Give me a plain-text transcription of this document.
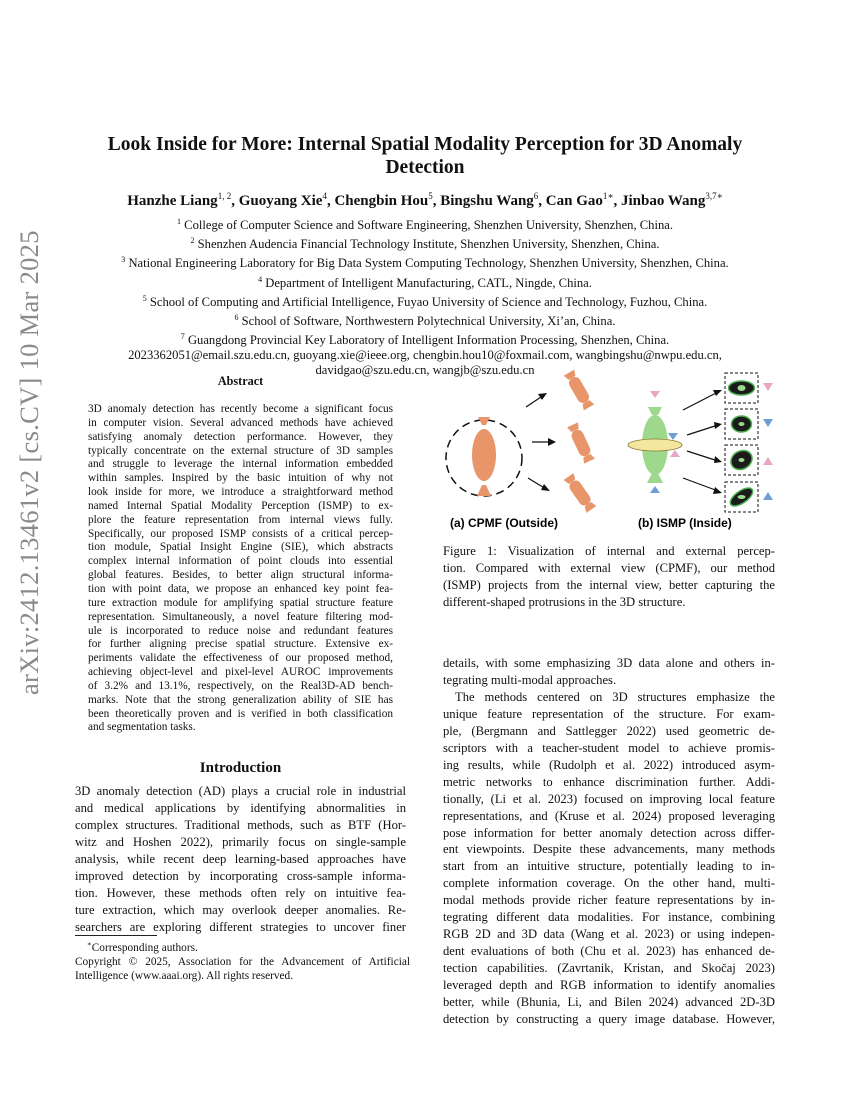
arXiv:2412.13461v2 [cs.CV] 10 Mar 2025
Look Inside for More: Internal Spatial Modality Perception for 3D Anomaly
Detection
Hanzhe Liang$^{1, 2}$, Guoyang Xie$^4$, Chengbin Hou$^5$, Bingshu Wang$^6$, Can Gao$^{1∗}$, Jinbao Wang$^{3,7∗}$
$^1$ College of Computer Science and Software Engineering, Shenzhen University, Shenzhen, China.
$^2$ Shenzhen Audencia Financial Technology Institute, Shenzhen University, Shenzhen, China.
$^3$ National Engineering Laboratory for Big Data System Computing Technology, Shenzhen University, Shenzhen, China.
$^4$ Department of Intelligent Manufacturing, CATL, Ningde, China.
$^5$ School of Computing and Artificial Intelligence, Fuyao University of Science and Technology, Fuzhou, China.
$^6$ School of Software, Northwestern Polytechnical University, Xi’an, China.
$^7$ Guangdong Provincial Key Laboratory of Intelligent Information Processing, Shenzhen, China.
2023362051@email.szu.edu.cn, guoyang.xie@ieee.org, chengbin.hou10@foxmail.com, wangbingshu@nwpu.edu.cn,
davidgao@szu.edu.cn, wangjb@szu.edu.cn
Abstract
3D anomaly detection has recently become a significant focus
in computer vision. Several advanced methods have achieved
satisfying anomaly detection performance. However, they
typically concentrate on the external structure of 3D samples
and struggle to leverage the internal information embedded
within samples. Inspired by the basic intuition of why not
look inside for more, we introduce a straightforward method
named Internal Spatial Modality Perception (ISMP) to ex-
plore the feature representation from internal views fully.
Specifically, our proposed ISMP consists of a critical percep-
tion module, Spatial Insight Engine (SIE), which abstracts
complex internal information of point clouds into essential
global features. Besides, to better align structural informa-
tion with point data, we propose an enhanced key point fea-
ture extraction module for amplifying spatial structure feature
representation. Simultaneously, a novel feature filtering mod-
ule is incorporated to reduce noise and redundant features
for further aligning precise spatial structure. Extensive ex-
periments validate the effectiveness of our proposed method,
achieving object-level and pixel-level AUROC improvements
of 3.2% and 13.1%, respectively, on the Real3D-AD bench-
marks. Note that the strong generalization ability of SIE has
been theoretically proven and is verified in both classification
and segmentation tasks.
Introduction
3D anomaly detection (AD) plays a crucial role in industrial
and medical applications by identifying abnormalities in
complex structures. Traditional methods, such as BTF (Hor-
witz and Hoshen 2022), primarily focus on single-sample
analysis, while recent deep learning-based approaches have
improved detection by incorporating cross-sample informa-
tion. However, these methods often rely on intuitive fea-
ture extraction, which may overlook deeper anomalies. Re-
searchers are exploring different strategies to uncover finer
∗Corresponding authors.
Copyright © 2025, Association for the Advancement of Artificial
Intelligence (www.aaai.org). All rights reserved.
(a) CPMF (Outside)	(b) ISMP (Inside)
Figure 1: Visualization of internal and external percep-
tion. Compared with external view (CPMF), our method
(ISMP) projects from the internal view, better capturing the
different-shaped protrusions in the 3D structure.
details, with some emphasizing 3D data alone and others in-
tegrating multi-modal approaches.
The methods centered on 3D structures emphasize the
unique feature representation of the structure. For exam-
ple, (Bergmann and Sattlegger 2022) used geometric de-
scriptors with a teacher-student model to achieve promis-
ing results, while (Rudolph et al. 2022) introduced asym-
metric networks to enhance discrimination further. Addi-
tionally, (Li et al. 2023) focused on improving local feature
representations, and (Kruse et al. 2024) proposed leveraging
pose information for better anomaly detection across differ-
ent viewpoints. Despite these advancements, many methods
start from an intuitive structure, potentially leading to in-
complete information coverage. On the other hand, multi-
modal methods provide richer feature representations by in-
tegrating different data modalities. For instance, combining
RGB 2D and 3D data (Wang et al. 2023) or using indepen-
dent evaluations of both (Chu et al. 2023) has enhanced de-
tection capabilities. (Zavrtanik, Kristan, and Skočaj 2023)
leveraged depth and RGB information to identify anomalies
better, while (Bhunia, Li, and Bilen 2024) advanced 2D-3D
detection by constructing a query image database. However,
